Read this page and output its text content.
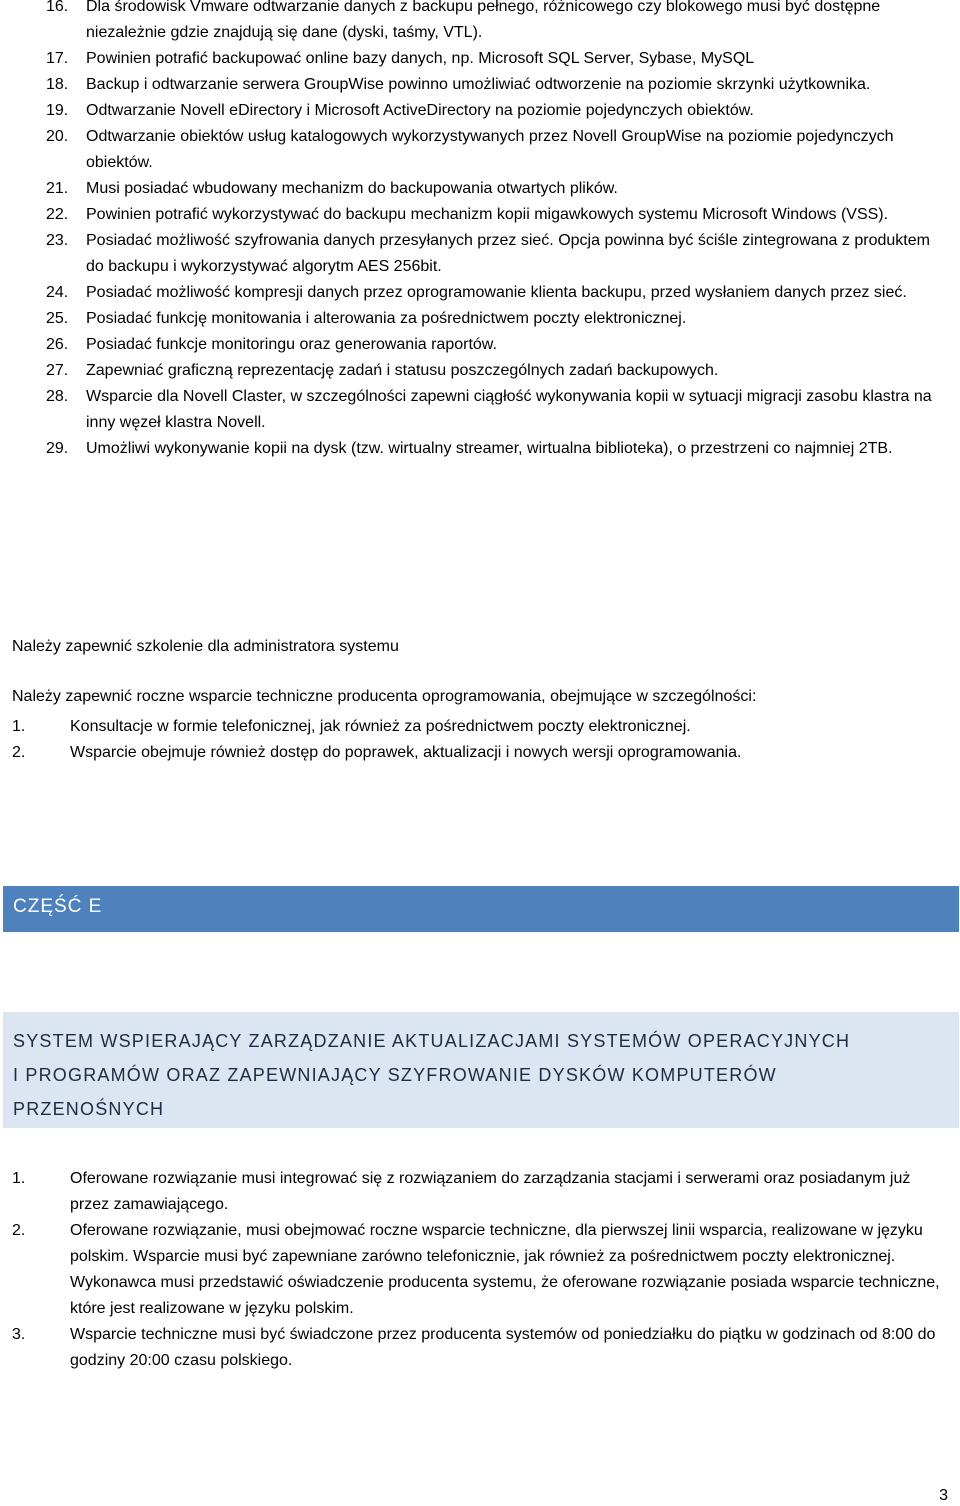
16. Dla środowisk Vmware odtwarzanie danych z backupu pełnego, różnicowego czy blokowego musi być dostępne niezależnie gdzie znajdują się dane (dyski, taśmy, VTL).
17. Powinien potrafić backupować online bazy danych, np. Microsoft SQL Server, Sybase, MySQL
18. Backup i odtwarzanie serwera GroupWise powinno umożliwiać odtworzenie na poziomie skrzynki użytkownika.
19. Odtwarzanie Novell eDirectory i Microsoft ActiveDirectory na poziomie pojedynczych obiektów.
20. Odtwarzanie obiektów usług katalogowych wykorzystywanych przez Novell GroupWise na poziomie pojedynczych obiektów.
21. Musi posiadać wbudowany mechanizm do backupowania otwartych plików.
22. Powinien potrafić wykorzystywać do backupu mechanizm kopii migawkowych systemu Microsoft Windows (VSS).
23. Posiadać możliwość szyfrowania danych przesyłanych przez sieć. Opcja powinna być ściśle zintegrowana z produktem do backupu i wykorzystywać algorytm AES 256bit.
24. Posiadać możliwość kompresji danych przez oprogramowanie klienta backupu, przed wysłaniem danych przez sieć.
25. Posiadać funkcję monitowania i alterowania za pośrednictwem poczty elektronicznej.
26. Posiadać funkcje monitoringu oraz generowania raportów.
27. Zapewniać graficzną reprezentację zadań i statusu poszczególnych zadań backupowych.
28. Wsparcie dla Novell Claster, w szczególności zapewni ciągłość wykonywania kopii w sytuacji migracji zasobu klastra na inny węzeł klastra Novell.
29. Umożliwi wykonywanie kopii na dysk (tzw. wirtualny streamer, wirtualna biblioteka), o przestrzeni co najmniej 2TB.

Należy zapewnić szkolenie dla administratora systemu

Należy zapewnić roczne wsparcie techniczne producenta oprogramowania, obejmujące w szczególności:

1.	Konsultacje w formie telefonicznej, jak również za pośrednictwem poczty elektronicznej.
2.	Wsparcie obejmuje również dostęp do poprawek, aktualizacji i nowych wersji oprogramowania.
CZĘŚĆ E
SYSTEM WSPIERAJĄCY ZARZĄDZANIE AKTUALIZACJAMI SYSTEMÓW OPERACYJNYCH
I PROGRAMÓW ORAZ ZAPEWNIAJĄCY SZYFROWANIE DYSKÓW KOMPUTERÓW
PRZENOŚNYCH
1.	Oferowane rozwiązanie musi integrować się z rozwiązaniem do zarządzania stacjami i serwerami oraz posiadanym już przez zamawiającego.
2.	Oferowane rozwiązanie, musi obejmować roczne wsparcie techniczne, dla pierwszej linii wsparcia, realizowane w języku polskim. Wsparcie musi być zapewniane zarówno telefonicznie, jak również za pośrednictwem poczty elektronicznej. Wykonawca musi przedstawić oświadczenie producenta systemu, że oferowane rozwiązanie posiada wsparcie techniczne, które jest realizowane w języku polskim.
3.	Wsparcie techniczne musi być świadczone przez producenta systemów od poniedziałku do piątku w godzinach od 8:00 do godziny 20:00 czasu polskiego.
3
